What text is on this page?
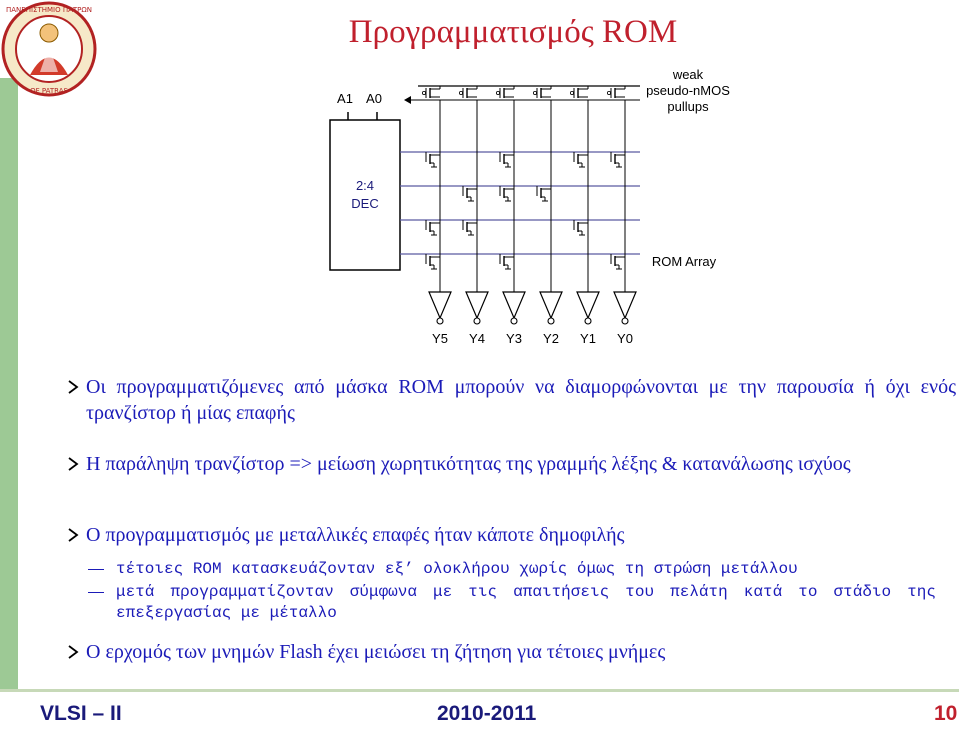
ΠΑΝΕΠΙΣΤΗΜΙΟ ΠΑΤΡΩΝ
OF PATRAS
Προγραμματισμός ROM
A1 A0
2:4
DEC
weak
pseudo-nMOS
pullups
ROM Array
Y5 Y4 Y3 Y2 Y1 Y0
Οι προγραμματιζόμενες από μάσκα ROM μπορούν να διαμορφώνονται με την παρουσία ή όχι ενός τρανζίστορ ή μίας επαφής
Η παράληψη τρανζίστορ => μείωση χωρητικότητας της γραμμής λέξης & κατανάλωσης ισχύος
Ο προγραμματισμός με μεταλλικές επαφές ήταν κάποτε δημοφιλής
τέτοιες ROM κατασκευάζονταν εξ’ ολοκλήρου χωρίς όμως τη στρώση μετάλλου
μετά προγραμματίζονταν σύμφωνα με τις απαιτήσεις του πελάτη κατά το στάδιο της επεξεργασίας με μέταλλο
Ο ερχομός των μνημών Flash έχει μειώσει τη ζήτηση για τέτοιες μνήμες
VLSI – II	2010-2011	10
